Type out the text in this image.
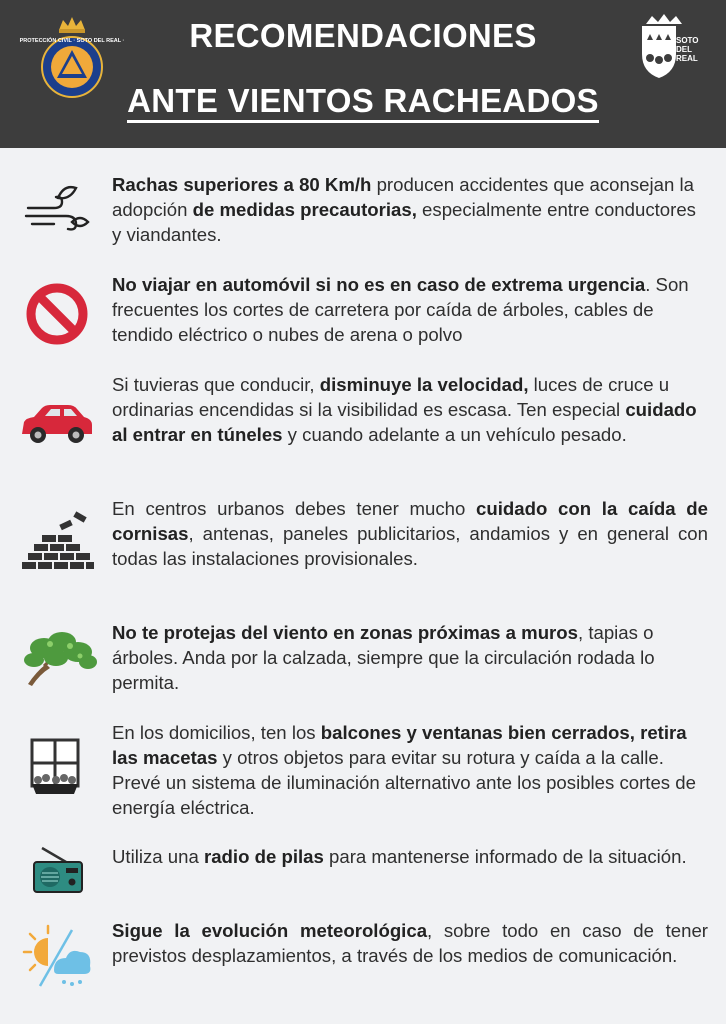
PROTECCIÓN CIVIL · SOTO DEL REAL ·	RECOMENDACIONES
ANTE VIENTOS RACHEADOS
SOTO
DEL
REAL
Rachas superiores a 80 Km/h producen accidentes que aconsejan la adopción de medidas precautorias, especialmente entre conductores y viandantes.
No viajar en automóvil si no es en caso de extrema urgencia. Son frecuentes los cortes de carretera por caída de árboles, cables de tendido eléctrico o nubes de arena o polvo
Si tuvieras que conducir, disminuye la velocidad, luces de cruce u ordinarias encendidas si la visibilidad es escasa. Ten especial cuidado al entrar en túneles y cuando adelante a un vehículo pesado.
En centros urbanos debes tener mucho cuidado con la caída de cornisas, antenas, paneles publicitarios, andamios y en general con todas las instalaciones provisionales.
No te protejas del viento en zonas próximas a muros, tapias o árboles. Anda por la calzada, siempre que la circulación rodada lo permita.
En los domicilios, ten los balcones y ventanas bien cerrados, retira las macetas y otros objetos para evitar su rotura y caída a la calle. Prevé un sistema de iluminación alternativo ante los posibles cortes de energía eléctrica.
Utiliza una radio de pilas para mantenerse informado de la situación.
Sigue la evolución meteorológica, sobre todo en caso de tener previstos desplazamientos, a través de los medios de comunicación.
